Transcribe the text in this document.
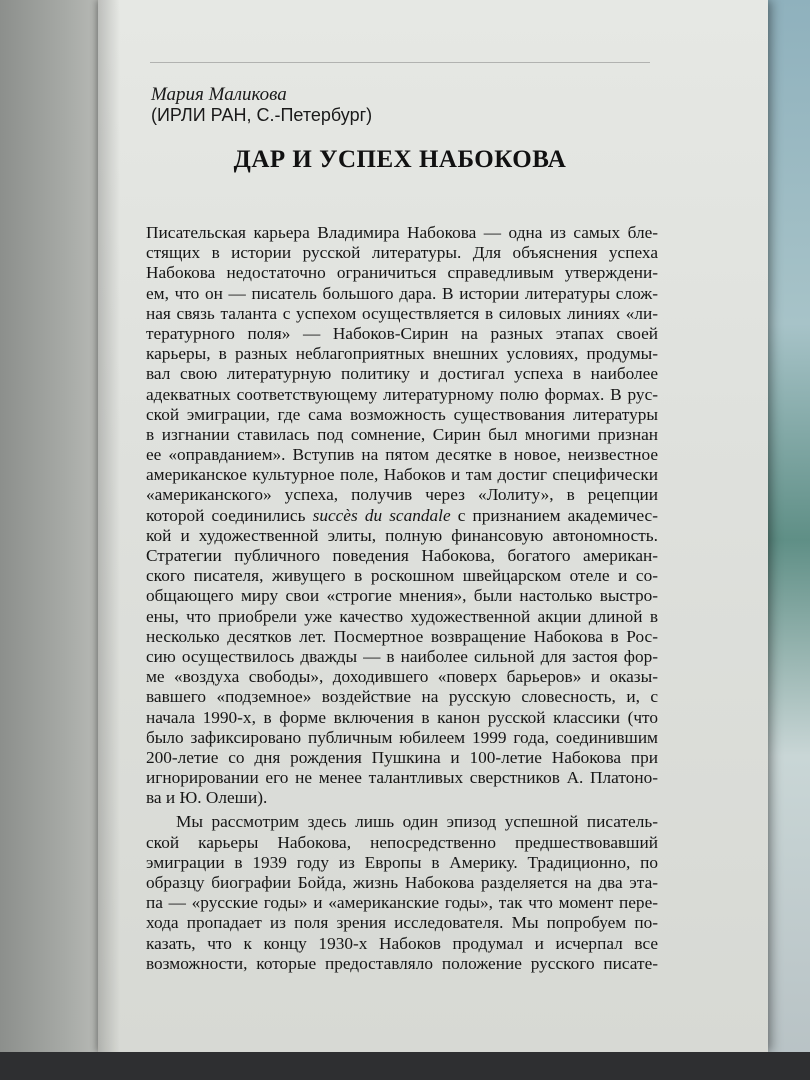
Мария Маликова
(ИРЛИ РАН, С.-Петербург)
ДАР И УСПЕХ НАБОКОВА
Писательская карьера Владимира Набокова — одна из самых бле-
стящих в истории русской литературы. Для объяснения успеха
Набокова недостаточно ограничиться справедливым утверждени-
ем, что он — писатель большого дара. В истории литературы слож-
ная связь таланта с успехом осуществляется в силовых линиях «ли-
тературного поля» — Набоков-Сирин на разных этапах своей
карьеры, в разных неблагоприятных внешних условиях, продумы-
вал свою литературную политику и достигал успеха в наиболее
адекватных соответствующему литературному полю формах. В рус-
ской эмиграции, где сама возможность существования литературы
в изгнании ставилась под сомнение, Сирин был многими признан
ее «оправданием». Вступив на пятом десятке в новое, неизвестное
американское культурное поле, Набоков и там достиг специфически
«американского» успеха, получив через «Лолиту», в рецепции
которой соединились succès du scandale с признанием академичес-
кой и художественной элиты, полную финансовую автономность.
Стратегии публичного поведения Набокова, богатого американ-
ского писателя, живущего в роскошном швейцарском отеле и со-
общающего миру свои «строгие мнения», были настолько выстро-
ены, что приобрели уже качество художественной акции длиной в
несколько десятков лет. Посмертное возвращение Набокова в Рос-
сию осуществилось дважды — в наиболее сильной для застоя фор-
ме «воздуха свободы», доходившего «поверх барьеров» и оказы-
вавшего «подземное» воздействие на русскую словесность, и, с
начала 1990-х, в форме включения в канон русской классики (что
было зафиксировано публичным юбилеем 1999 года, соединившим
200-летие со дня рождения Пушкина и 100-летие Набокова при
игнорировании его не менее талантливых сверстников А. Платоно-
ва и Ю. Олеши).
Мы рассмотрим здесь лишь один эпизод успешной писатель-
ской карьеры Набокова, непосредственно предшествовавший
эмиграции в 1939 году из Европы в Америку. Традиционно, по
образцу биографии Бойда, жизнь Набокова разделяется на два эта-
па — «русские годы» и «американские годы», так что момент пере-
хода пропадает из поля зрения исследователя. Мы попробуем по-
казать, что к концу 1930-х Набоков продумал и исчерпал все
возможности, которые предоставляло положение русского писате-
